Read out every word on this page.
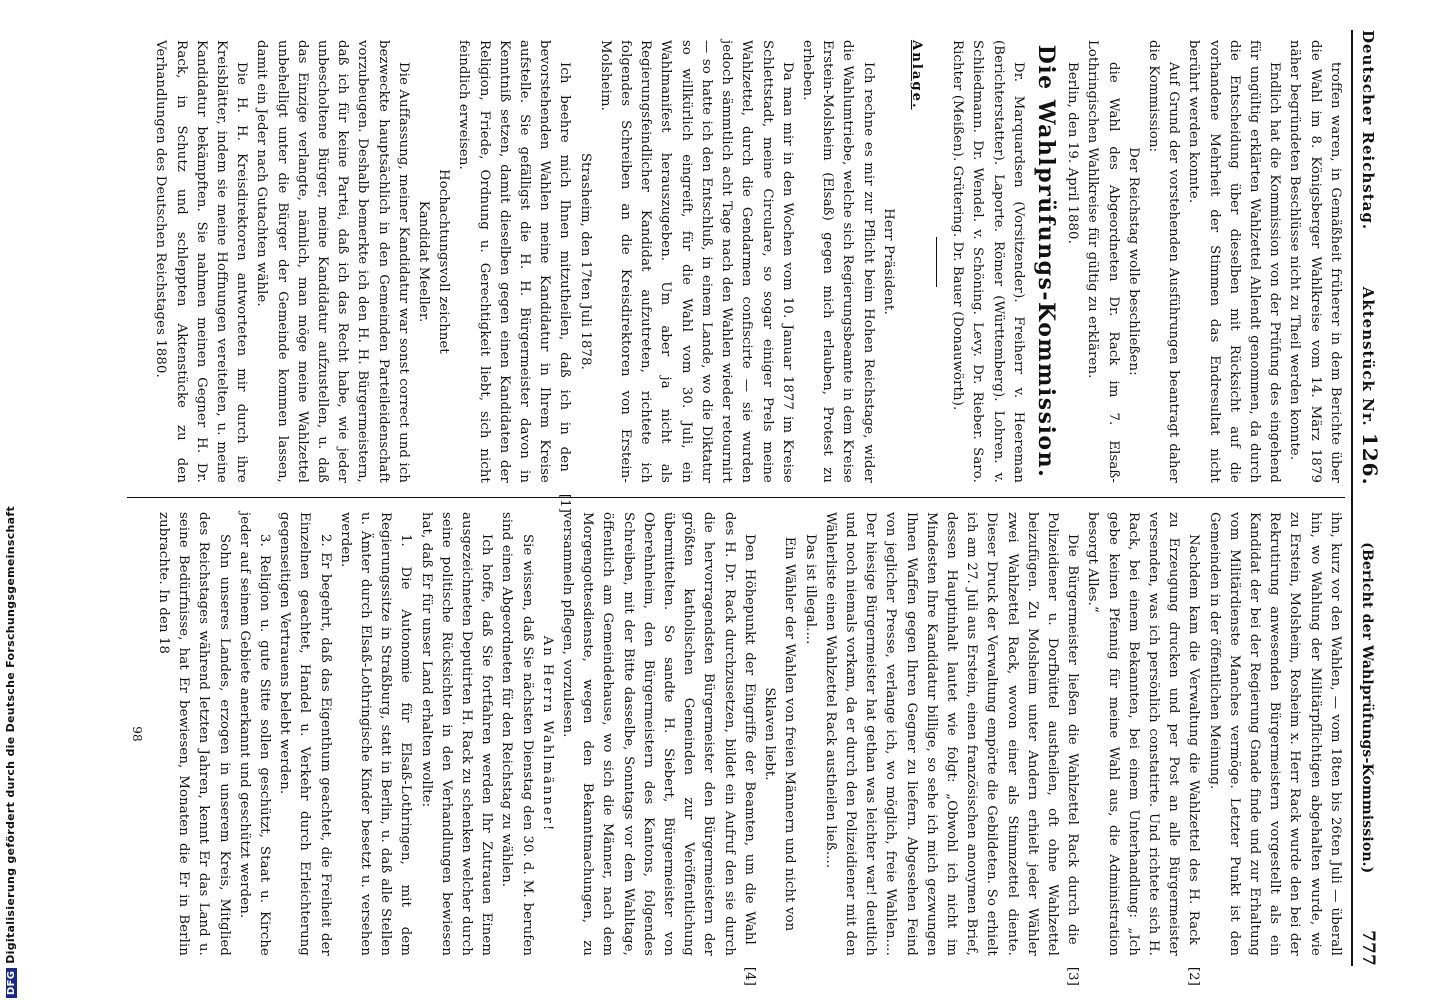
Deutscher Reichstag.
Aktenstück Nr. 126.
(Bericht der Wahlprüfungs-Kommission.)
777

troffen waren, in Gemäßheit früherer in dem Berichte über die Wahl im 8. Königsberger Wahlkreise vom 14. März 1879 näher begründeten Beschlüsse nicht zu Theil werden konnte.

Endlich hat die Kommission von der Prüfung des eingehend für ungültig erklärten Wahlzettel Ahlendt genommen, da durch die Entscheidung über dieselben mit Rücksicht auf die vorhandene Mehrheit der Stimmen das Endresultat nicht berührt werden konnte.

Auf Grund der vorstehenden Ausführungen beantragt daher die Kommission:

Der Reichstag wolle beschließen:

die Wahl des Abgeordneten Dr. Rack im 7. Elsaß-Lothringischen Wahlkreise für gültig zu erklären.

Berlin, den 19. April 1880.

Die Wahlprüfungs-Kommission.

Dr. Marquardsen (Vorsitzender). Freiherr v. Heereman (Berichterstatter). Laporte. Römer (Württemberg). Lohren. v. Schliedmann. Dr. Wendel. v. Schöning. Levy. Dr. Rieber. Saro. Richter (Meißen). Grütering. Dr. Bauer (Donauwörth).

Anlage.

Herr Präsident.

Ich rechne es mir zur Pflicht beim Hohen Reichstage, wider die Wahlumtriebe, welche sich Regierungsbeamte in dem Kreise Erstein-Molsheim (Elsaß) gegen mich erlauben, Protest zu erheben.

Da man mir in den Wochen vom 10. Januar 1877 im Kreise Schlettstadt, meine Circulare, so sogar einiger Prels meine Wahlzettel, durch die Gendarmen confiscirte — sie wurden jedoch sämmtlich acht Tage nach den Wahlen wieder retournirt — so hatte ich den Entschluß, in einem Lande, wo die Diktatur so willkürlich eingreift, für die Wahl vom 30. Juli, ein Wahlmanifest herauszugeben. Um aber ja nicht als Regierungsfeindlicher Kandidat aufzutreten, richtete ich folgendes Schreiben an die Kreisdirektoren von Erstein-Molsheim.

Strasheim, den 17ten Juli 1878.

[1]
Ich beehre mich Ihnen mitzutheilen, daß ich in den bevorstehenden Wahlen meine Kandidatur in Ihrem Kreise aufstelle. Sie gefälligst die H. H. Bürgermeister davon in Kenntniß setzen, damit dieselben gegen einen Kandidaten der Religion, Friede, Ordnung u. Gerechtigkeit liebt, sich nicht feindlich erweisen.

Hochachtungsvoll zeichnet

Kandidat Meeller.

Die Auffassung, meiner Kandidatur war sonst correct und ich bezweckte hauptsächlich in den Gemeinden Parteileidenschaft vorzubeugen. Deshalb bemerkte ich den H. H. Bürgermeistern, daß ich für keine Partei, daß ich das Recht habe, wie jeder unbescholtene Bürger, meine Kandidatur aufzustellen, u. daß das Einzige verlangte, nämlich, man möge meine Wahlzettel unbehelligt unter die Bürger der Gemeinde kommen lassen, damit ein Jeder nach Gutachten wähle.

Die H. H. Kreisdirektoren antworteten mir durch ihre Kreisblätter, indem sie meine Hoffnungen vereitelten, u. meine Kandidatur bekämpften. Sie nahmen meinen Gegner H. Dr. Rack, in Schutz und schleppten Aktenstücke zu den Verhandlungen des Deutschen Reichstages 1880.

ihn, kurz vor den Wahlen, — vom 18ten bis 26ten Juli — überall hin, wo Wahlung der Militärpflichtigen abgehalten wurde, wie zu Erstein, Molsheim, Rosheim x. Herr Rack wurde den bei der Rekrutirung anwesenden Bürgermeistern vorgestellt als ein Kandidat der bei der Regierung Gnade finde und zur Erhaltung vom Militärdienste Manches vermöge. Letzter Punkt ist den Gemeinden in der öffentlichen Meinung.

[2]
Nachdem kam die Verwaltung die Wahlzettel des H. Rack zu Erzeugung drucken und per Post an alle Bürgermeister versenden, was ich persönlich constatirte. Und richtete sich H. Rack, bei einem Bekannten, bei einem Unterhandlung: „Ich gebe keinen Pfennig für meine Wahl aus, die Administration besorgt Alles.“

[3]
Die Bürgermeister ließen die Wahlzettel Rack durch die Polizeidiener u. Dorfbüttel austheilen, oft ohne Wahlzettel beizufügen. Zu Molsheim unter Andern erhielt jeder Wähler zwei Wahlzettel Rack, wovon einer als Stimmzettel diente. Dieser Druck der Verwaltung empörte die Gebildeten. So erhielt ich am 27. Juli aus Erstein, einen französischen anonymen Brief, dessen Hauptinhalt lautet wie folgt: „Obwohl ich nicht im Mindesten Ihre Kandidatur billige, so sehe ich mich gezwungen Ihnen Waffen gegen Ihren Gegner zu liefern. Abgesehen Feind von jeglicher Presse, verlange ich, wo möglich, freie Wahlen.... Der hiesige Bürgermeister hat gethan was leichter war! deutlich und noch niemals vorkam, da er durch den Polizeidiener mit den Wählerliste einen Wahlzettel Rack austheilen ließ....

Das ist illegal....

Ein Wähler der Wahlen von freien Männern und nicht von Sklaven liebt.

[4]
Den Höhepunkt der Eingriffe der Beamten, um die Wahl des H. Dr. Rack durchzusetzen, bildet ein Aufruf den sie durch die hervorragendsten Bürgermeister den Bürgermeistern der größten katholischen Gemeinden zur Veröffentlichung übermittelten. So sandte H. Siebert, Bürgermeister von Oberehnheim, den Bürgermeistern des Kantons, folgendes Schreiben, mit der Bitte dasselbe, Sonntags vor dem Wahltage, öffentlich am Gemeindehause, wo sich die Männer, nach dem Morgengottesdienste, wegen den Bekanntmachungen, zu versammeln pflegen, vorzulesen.

An Herrn Wahlmänner!

Sie wissen, daß Sie nächsten Dienstag den 30. d. M. berufen sind einen Abgeordneten für den Reichstag zu wählen.

Ich hoffe, daß Sie fortfahren werden Ihr Zutrauen Einem ausgezeichneten Deputirten H. Rack zu schenken welcher durch seine politische Rücksichten in den Verhandlungen bewiesen hat, daß Er für unser Land erhalten wollte:

1. Die Autonomie für Elsaß-Lothringen, mit dem Regierungssitze in Straßburg, statt in Berlin, u. daß alle Stellen u. Ämter durch Elsaß-Lothringische Kinder besetzt u. versehen werden.

2. Er begehrt, daß das Eigenthum geachtet, die Freiheit der Einzelnen geachtet, Handel u. Verkehr durch Erleichterung gegenseitigen Vertrauens belebt werden.

3. Religion u. gute Sitte sollen geschützt, Staat u. Kirche jeder auf seinem Gebiete anerkannt und geschützt werden.

Sohn unseres Landes, erzogen in unserem Kreis, Mitglied des Reichstages während letzten Jahren, kennt Er das Land u. seine Bedürfnisse, hat Er bewiesen, Monaten die Er in Berlin zubrachte. In den 18

98

DFGDigitalisierung gefördert durch die Deutsche Forschungsgemeinschaft
